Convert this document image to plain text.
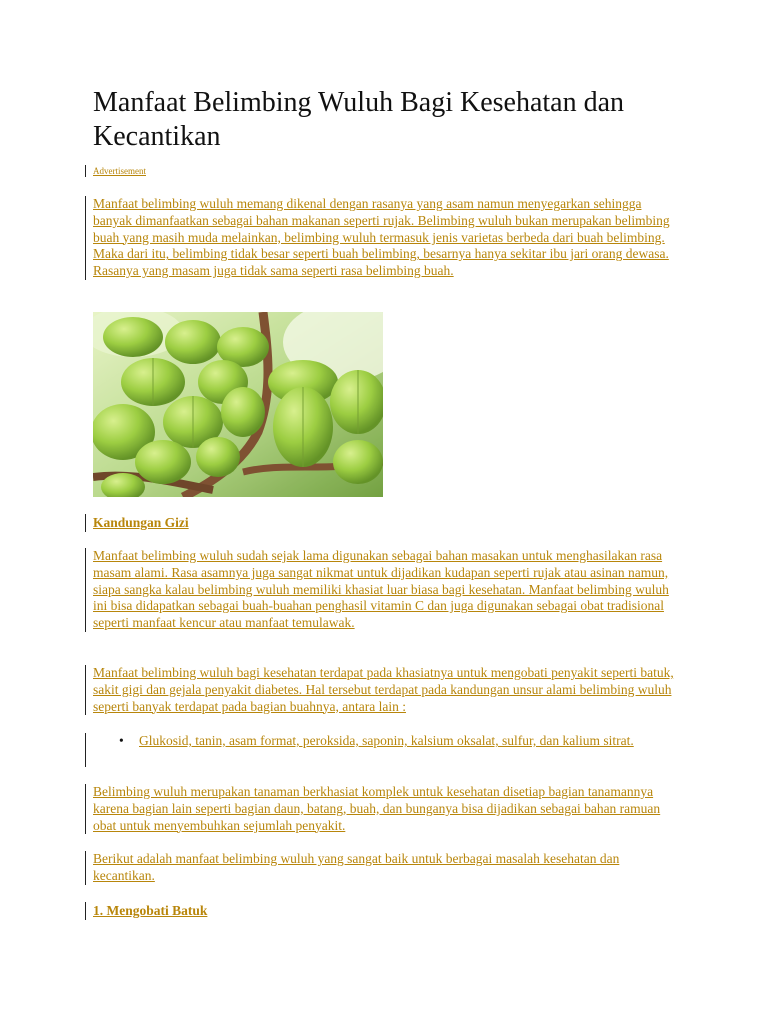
Manfaat Belimbing Wuluh Bagi Kesehatan dan Kecantikan
Advertisement

Manfaat belimbing wuluh memang dikenal dengan rasanya yang asam namun menyegarkan sehingga banyak dimanfaatkan sebagai bahan makanan seperti rujak. Belimbing wuluh bukan merupakan belimbing buah yang masih muda melainkan, belimbing wuluh termasuk jenis varietas berbeda dari buah belimbing. Maka dari itu, belimbing tidak besar seperti buah belimbing, besarnya hanya sekitar ibu jari orang dewasa. Rasanya yang masam juga tidak sama seperti rasa belimbing buah.

Kandungan Gizi

Manfaat belimbing wuluh sudah sejak lama digunakan sebagai bahan masakan untuk menghasilakan rasa masam alami. Rasa asamnya juga sangat nikmat untuk dijadikan kudapan seperti rujak atau asinan namun, siapa sangka kalau belimbing wuluh memiliki khasiat luar biasa bagi kesehatan. Manfaat belimbing wuluh ini bisa didapatkan sebagai buah-buahan penghasil vitamin C dan juga digunakan sebagai obat tradisional seperti manfaat kencur atau manfaat temulawak.

Manfaat belimbing wuluh bagi kesehatan terdapat pada khasiatnya untuk mengobati penyakit seperti batuk, sakit gigi dan gejala penyakit diabetes. Hal tersebut terdapat pada kandungan unsur alami belimbing wuluh seperti banyak terdapat pada bagian buahnya, antara lain :

• Glukosid, tanin, asam format, peroksida, saponin, kalsium oksalat, sulfur, dan kalium sitrat.

Belimbing wuluh merupakan tanaman berkhasiat komplek untuk kesehatan disetiap bagian tanamannya karena bagian lain seperti bagian daun, batang, buah, dan bunganya bisa dijadikan sebagai bahan ramuan obat untuk menyembuhkan sejumlah penyakit.

Berikut adalah manfaat belimbing wuluh yang sangat baik untuk berbagai masalah kesehatan dan kecantikan.

1. Mengobati Batuk
